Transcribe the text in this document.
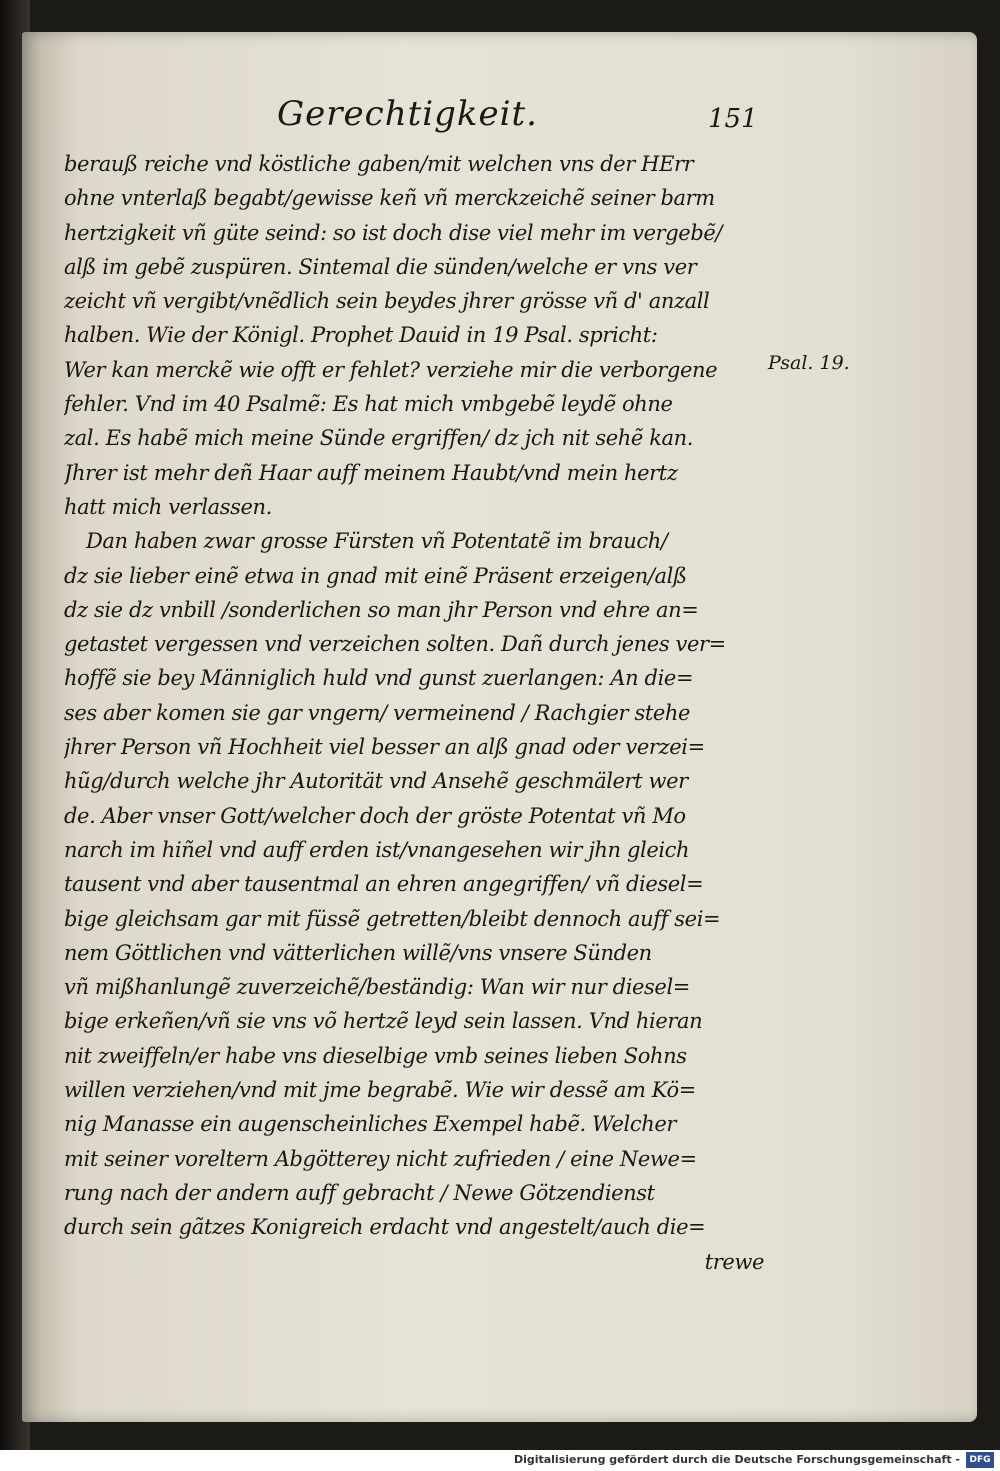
Gerechtigkeit.	151
berauß reiche vnd köstliche gaben/mit welchen vns der HErr
ohne vnterlaß begabt/gewisse keñ vñ merckzeichẽ seiner barm
hertzigkeit vñ güte seind: so ist doch dise viel mehr im vergebẽ/
alß im gebẽ zuspüren. Sintemal die sünden/welche er vns ver
zeicht vñ vergibt/vnẽdlich sein beydes jhrer grösse vñ d' anzall
halben. Wie der Königl. Prophet Dauid in 19 Psal. spricht:
Wer kan merckẽ wie offt er fehlet? verziehe mir die verborgene
fehler. Vnd im 40 Psalmẽ: Es hat mich vmbgebẽ leydẽ ohne
zal. Es habẽ mich meine Sünde ergriffen/ dz jch nit sehẽ kan.
Jhrer ist mehr deñ Haar auff meinem Haubt/vnd mein hertz
hatt mich verlassen.
Dan haben zwar grosse Fürsten vñ Potentatẽ im brauch/
dz sie lieber einẽ etwa in gnad mit einẽ Präsent erzeigen/alß
dz sie dz vnbill /sonderlichen so man jhr Person vnd ehre an=
getastet vergessen vnd verzeichen solten. Dañ durch jenes ver=
hoffẽ sie bey Männiglich huld vnd gunst zuerlangen: An die=
ses aber komen sie gar vngern/ vermeinend / Rachgier stehe
jhrer Person vñ Hochheit viel besser an alß gnad oder verzei=
hũg/durch welche jhr Autorität vnd Ansehẽ geschmälert wer
de. Aber vnser Gott/welcher doch der gröste Potentat vñ Mo
narch im hiñel vnd auff erden ist/vnangesehen wir jhn gleich
tausent vnd aber tausentmal an ehren angegriffen/ vñ diesel=
bige gleichsam gar mit füssẽ getretten/bleibt dennoch auff sei=
nem Göttlichen vnd vätterlichen willẽ/vns vnsere Sünden
vñ mißhanlungẽ zuverzeichẽ/beständig: Wan wir nur diesel=
bige erkeñen/vñ sie vns võ hertzẽ leyd sein lassen. Vnd hieran
nit zweiffeln/er habe vns dieselbige vmb seines lieben Sohns
willen verziehen/vnd mit jme begrabẽ. Wie wir dessẽ am Kö=
nig Manasse ein augenscheinliches Exempel habẽ. Welcher
mit seiner voreltern Abgötterey nicht zufrieden / eine Newe=
rung nach der andern auff gebracht / Newe Götzendienst
durch sein gãtzes Konigreich erdacht vnd angestelt/auch die=
trewe
Psal. 19.
Digitalisierung gefördert durch die Deutsche Forschungsgemeinschaft -	DFG
